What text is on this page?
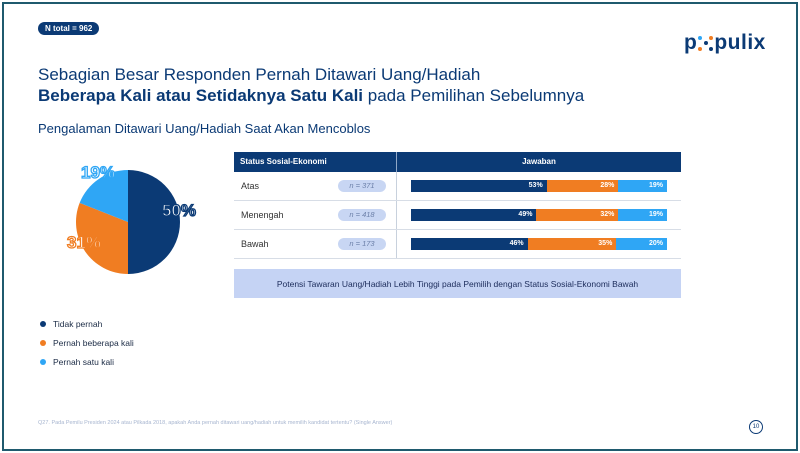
N total = 962
p pulix
Sebagian Besar Responden Pernah Ditawari Uang/Hadiah
Beberapa Kali atau Setidaknya Satu Kali pada Pemilihan Sebelumnya
Pengalaman Ditawari Uang/Hadiah Saat Akan Mencoblos
50%
31%
19%
Tidak pernah
Pernah beberapa kali
Pernah satu kali
Status Sosial-Ekonomi	Jawaban
Atas	n = 371	53%	28%	19%
Menengah	n = 418	49%	32%	19%
Bawah	n = 173	46%	35%	20%
Potensi Tawaran Uang/Hadiah Lebih Tinggi pada Pemilih dengan Status Sosial-Ekonomi Bawah
Q27. Pada Pemilu Presiden 2024 atau Pilkada 2018, apakah Anda pernah ditawari uang/hadiah untuk memilih kandidat tertentu? (Single Answer)
10
